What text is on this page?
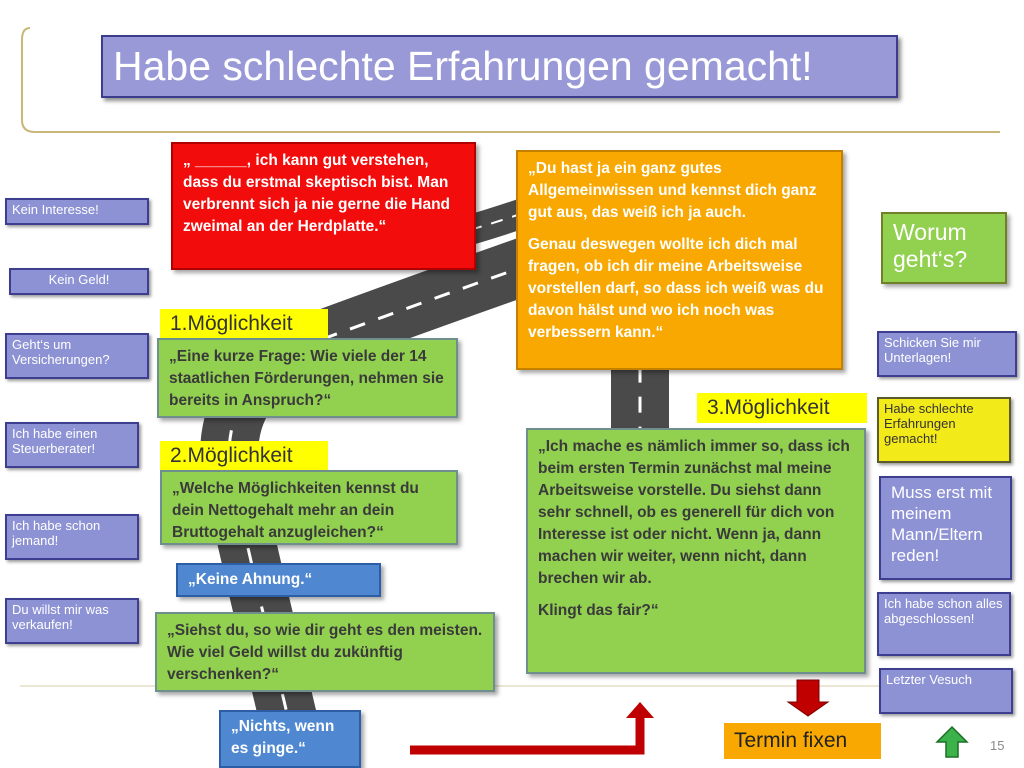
Habe schlechte Erfahrungen gemacht!
Kein Interesse!
Kein Geld!
Geht‘s um Versicherungen?
Ich habe einen Steuerberater!
Ich habe schon jemand!
Du willst mir was verkaufen!
Worum geht‘s?
Schicken Sie mir Unterlagen!
Habe schlechte Erfahrungen gemacht!
Muss erst mit meinem Mann/Eltern reden!
Ich habe schon alles abgeschlossen!
Letzter Vesuch
„ ______, ich kann gut verstehen, dass du erstmal skeptisch bist. Man verbrennt sich ja nie gerne die Hand zweimal an der Herdplatte.“

„Du hast ja ein ganz gutes Allgemeinwissen und kennst dich ganz gut aus, das weiß ich ja auch.

Genau deswegen wollte ich dich mal fragen, ob ich dir meine Arbeitsweise vorstellen darf, so dass ich weiß was du davon hälst und wo ich noch was verbessern kann.“

1.Möglichkeit
„Eine kurze Frage: Wie viele der 14 staatlichen Förderungen, nehmen sie bereits in Anspruch?“
2.Möglichkeit
„Welche Möglichkeiten kennst du dein Nettogehalt mehr an dein Bruttogehalt anzugleichen?“
3.Möglichkeit

„Ich mache es nämlich immer so, dass ich beim ersten Termin zunächst mal meine Arbeitsweise vorstelle. Du siehst dann sehr schnell, ob es generell für dich von Interesse ist oder nicht. Wenn ja, dann machen wir weiter, wenn nicht, dann brechen wir ab.

Klingt das fair?“

„Keine Ahnung.“
„Siehst du, so wie dir geht es den meisten. Wie viel Geld willst du zukünftig verschenken?“
„Nichts, wenn es ginge.“	Termin fixen	15
